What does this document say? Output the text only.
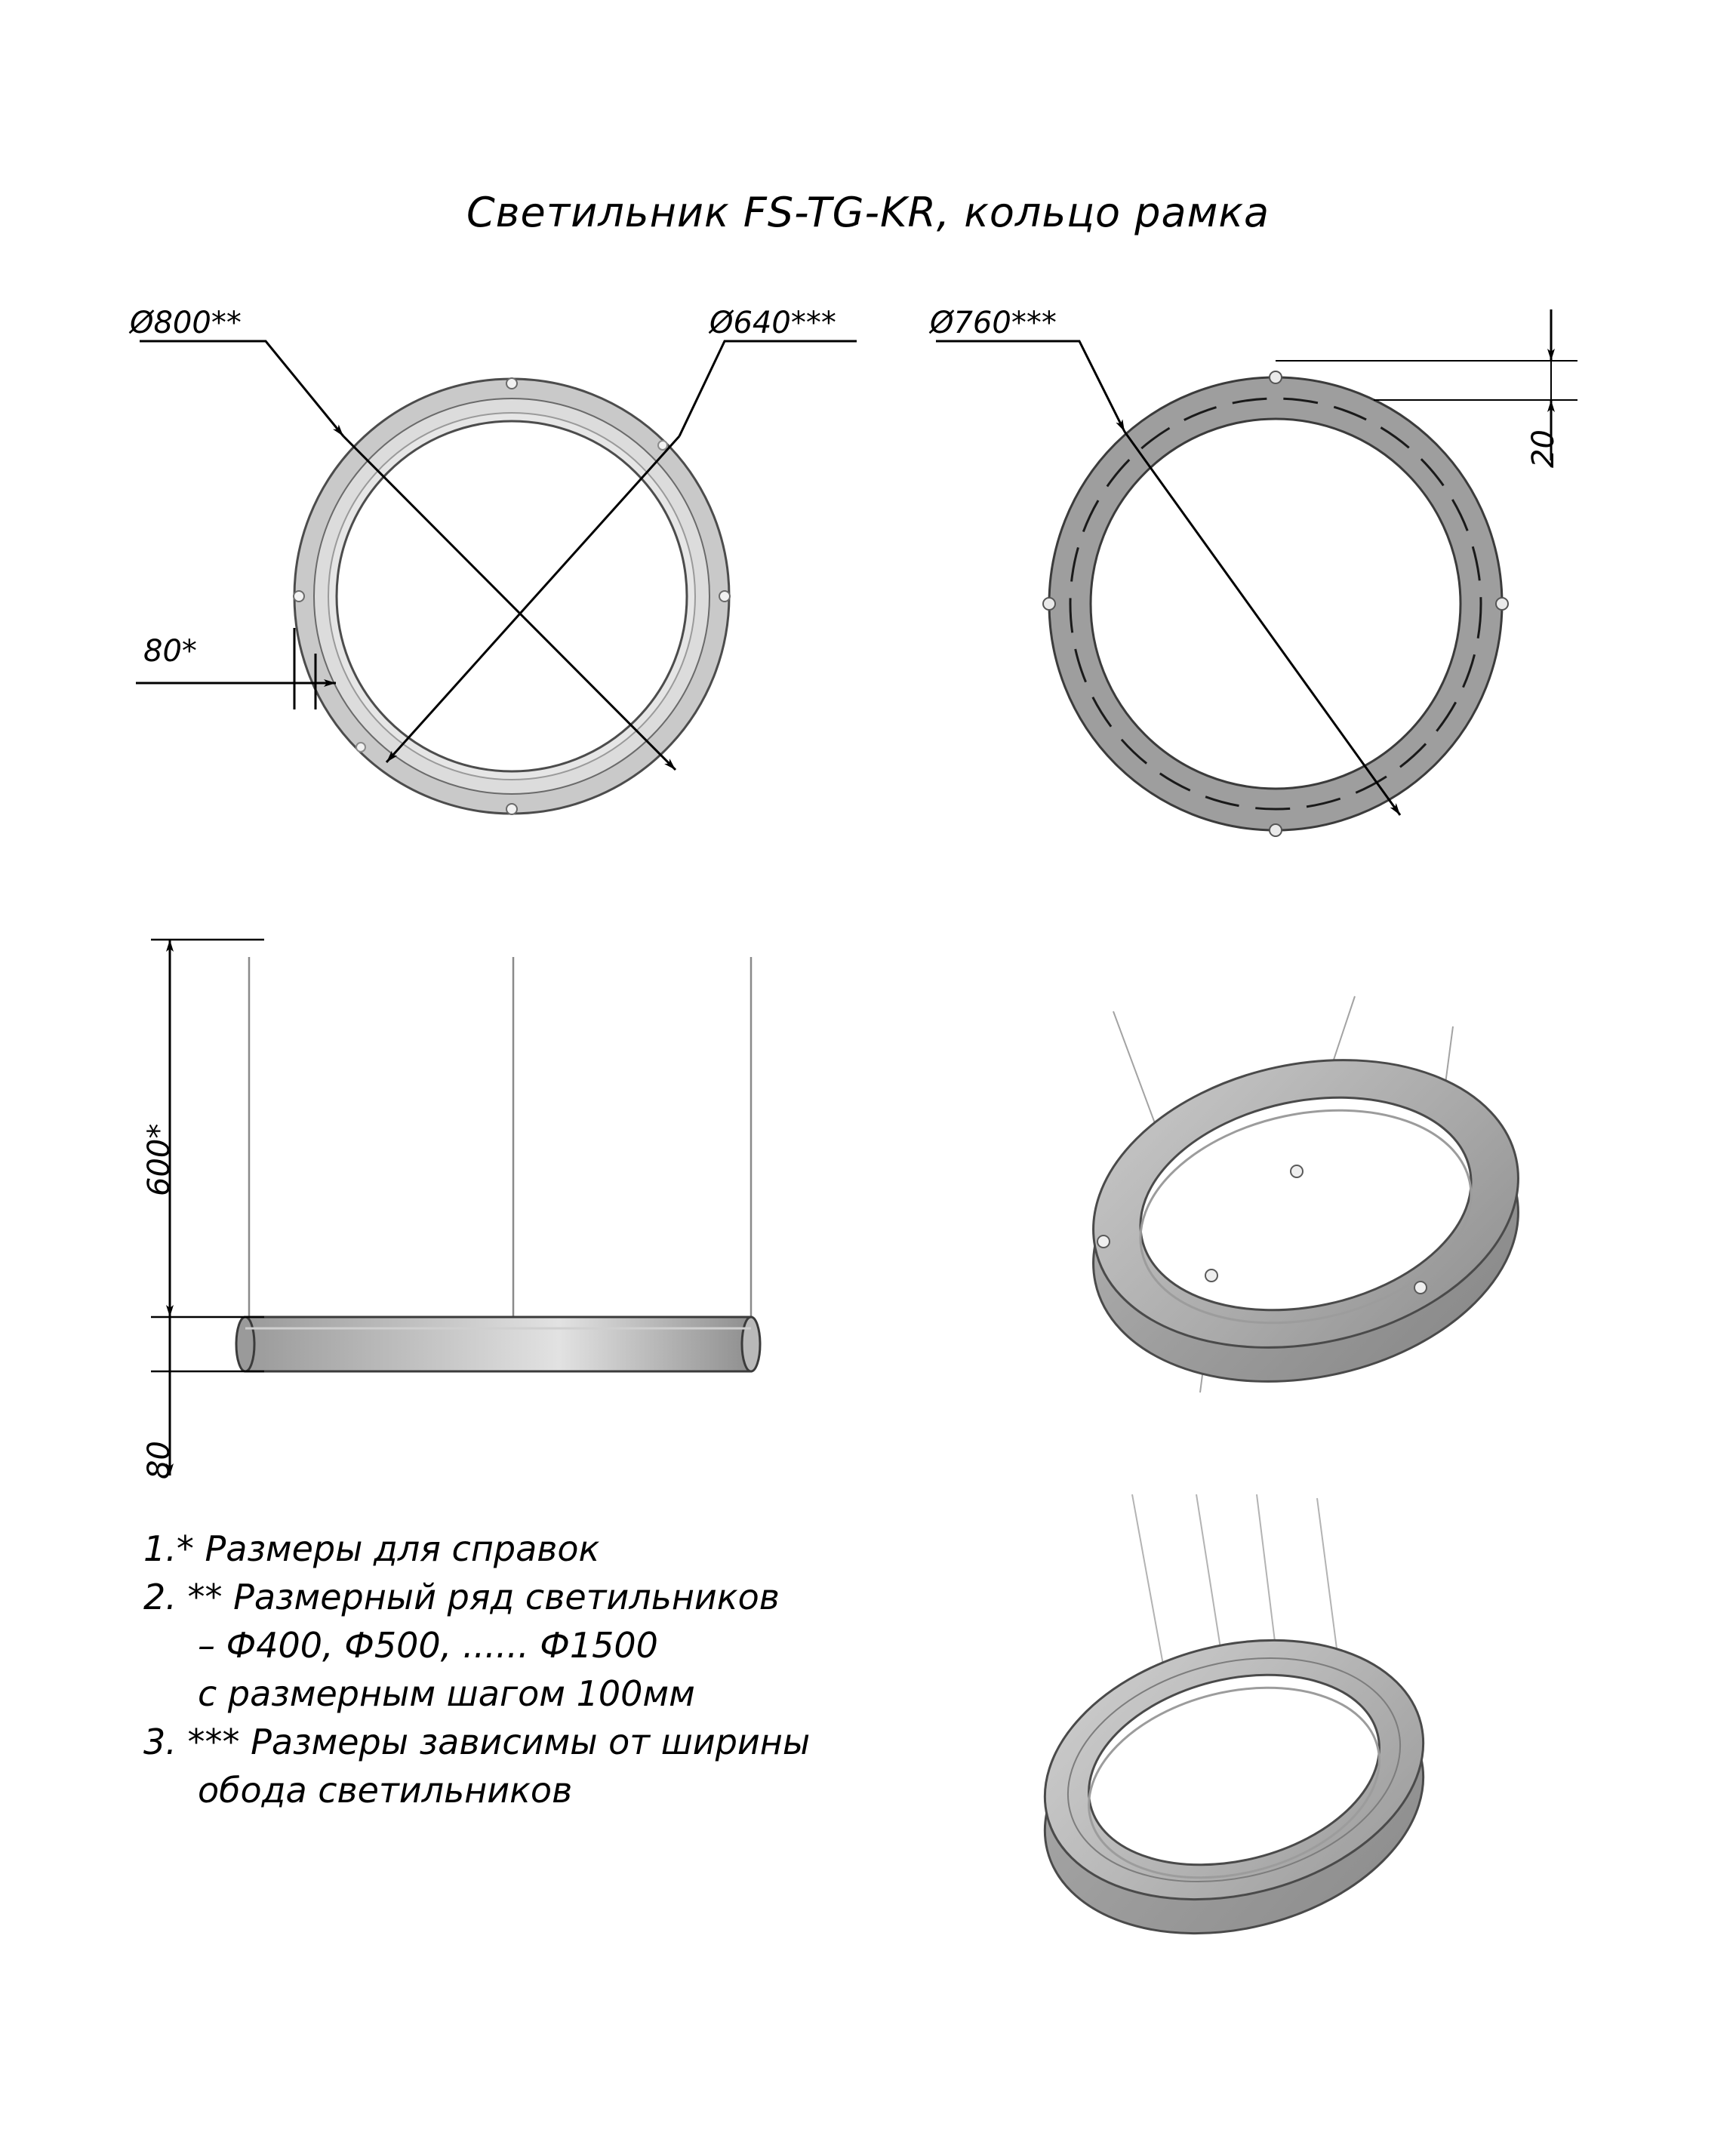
Светильник FS-TG-KR, кольцо рамка
Ø800**	Ø640***	Ø760***
80*
20
600*
80
1.* Размеры для справок
2. ** Размерный ряд светильников
– Ф400, Ф500, ...... Ф1500
с размерным шагом 100мм
3. *** Размеры зависимы от ширины
обода светильников
